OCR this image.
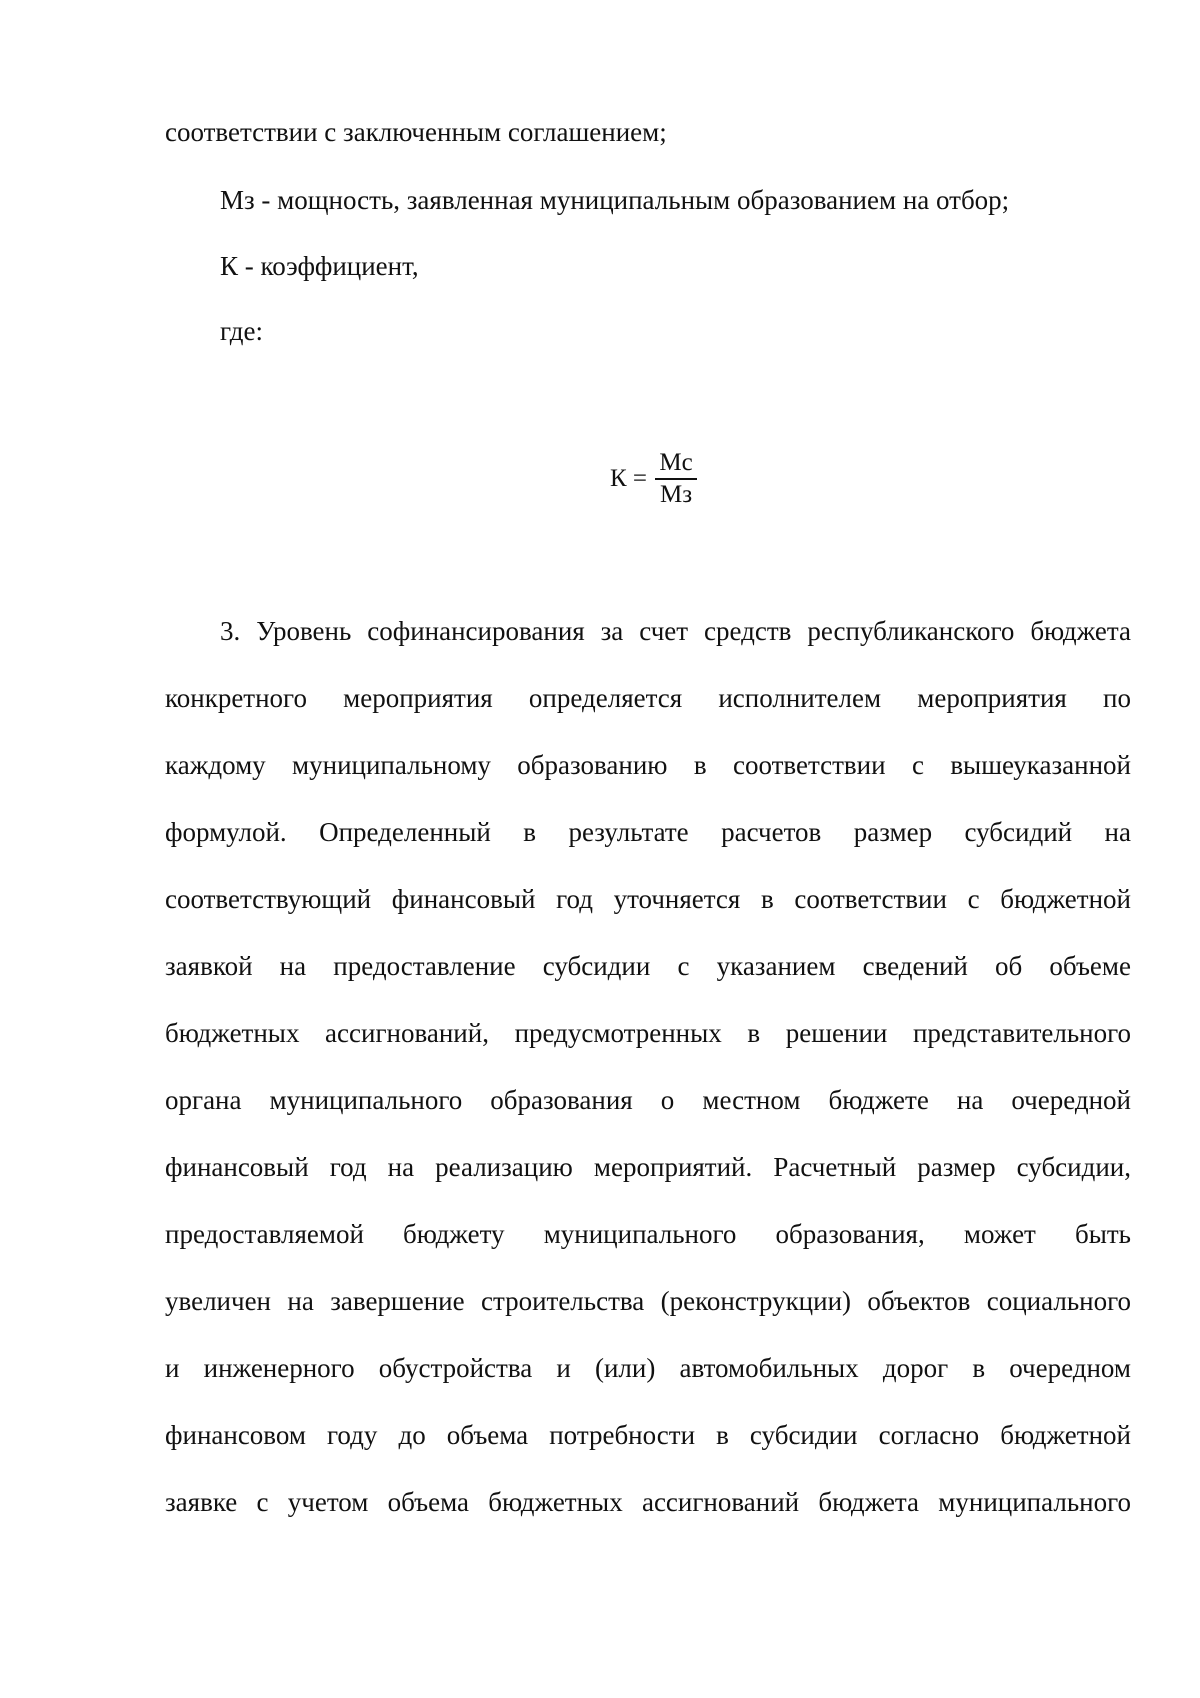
соответствии с заключенным соглашением;
Мз - мощность, заявленная муниципальным образованием на отбор;
К - коэффициент,
где:
$К = \frac{Мс}{Мз}$
3. Уровень софинансирования за счет средств республиканского бюджета
конкретного мероприятия определяется исполнителем мероприятия по
каждому муниципальному образованию в соответствии с вышеуказанной
формулой. Определенный в результате расчетов размер субсидий на
соответствующий финансовый год уточняется в соответствии с бюджетной
заявкой на предоставление субсидии с указанием сведений об объеме
бюджетных ассигнований, предусмотренных в решении представительного
органа муниципального образования о местном бюджете на очередной
финансовый год на реализацию мероприятий. Расчетный размер субсидии,
предоставляемой бюджету муниципального образования, может быть
увеличен на завершение строительства (реконструкции) объектов социального
и инженерного обустройства и (или) автомобильных дорог в очередном
финансовом году до объема потребности в субсидии согласно бюджетной
заявке с учетом объема бюджетных ассигнований бюджета муниципального
